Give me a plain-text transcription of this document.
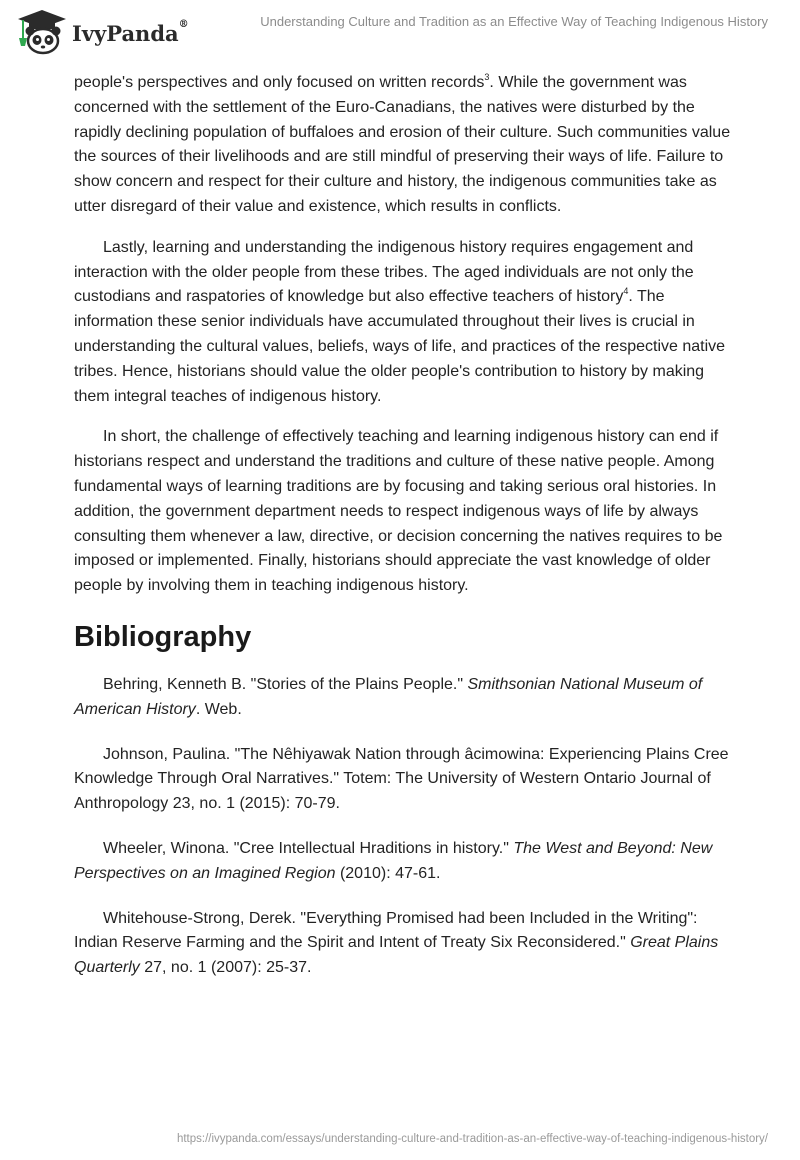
IvyPanda®	Understanding Culture and Tradition as an Effective Way of Teaching Indigenous History

people's perspectives and only focused on written records$^3$. While the government was concerned with the settlement of the Euro-Canadians, the natives were disturbed by the rapidly declining population of buffaloes and erosion of their culture. Such communities value the sources of their livelihoods and are still mindful of preserving their ways of life. Failure to show concern and respect for their culture and history, the indigenous communities take as utter disregard of their value and existence, which results in conflicts.

Lastly, learning and understanding the indigenous history requires engagement and interaction with the older people from these tribes. The aged individuals are not only the custodians and raspatories of knowledge but also effective teachers of history$^4$. The information these senior individuals have accumulated throughout their lives is crucial in understanding the cultural values, beliefs, ways of life, and practices of the respective native tribes. Hence, historians should value the older people's contribution to history by making them integral teaches of indigenous history.

In short, the challenge of effectively teaching and learning indigenous history can end if historians respect and understand the traditions and culture of these native people. Among fundamental ways of learning traditions are by focusing and taking serious oral histories. In addition, the government department needs to respect indigenous ways of life by always consulting them whenever a law, directive, or decision concerning the natives requires to be imposed or implemented. Finally, historians should appreciate the vast knowledge of older people by involving them in teaching indigenous history.

Bibliography

Behring, Kenneth B. "Stories of the Plains People." Smithsonian National Museum of American History. Web.

Johnson, Paulina. "The Nêhiyawak Nation through âcimowina: Experiencing Plains Cree Knowledge Through Oral Narratives." Totem: The University of Western Ontario Journal of Anthropology 23, no. 1 (2015): 70-79.

Wheeler, Winona. "Cree Intellectual Hraditions in history." The West and Beyond: New Perspectives on an Imagined Region (2010): 47-61.

Whitehouse-Strong, Derek. "Everything Promised had been Included in the Writing": Indian Reserve Farming and the Spirit and Intent of Treaty Six Reconsidered." Great Plains Quarterly 27, no. 1 (2007): 25-37.

https://ivypanda.com/essays/understanding-culture-and-tradition-as-an-effective-way-of-teaching-indigenous-history/
